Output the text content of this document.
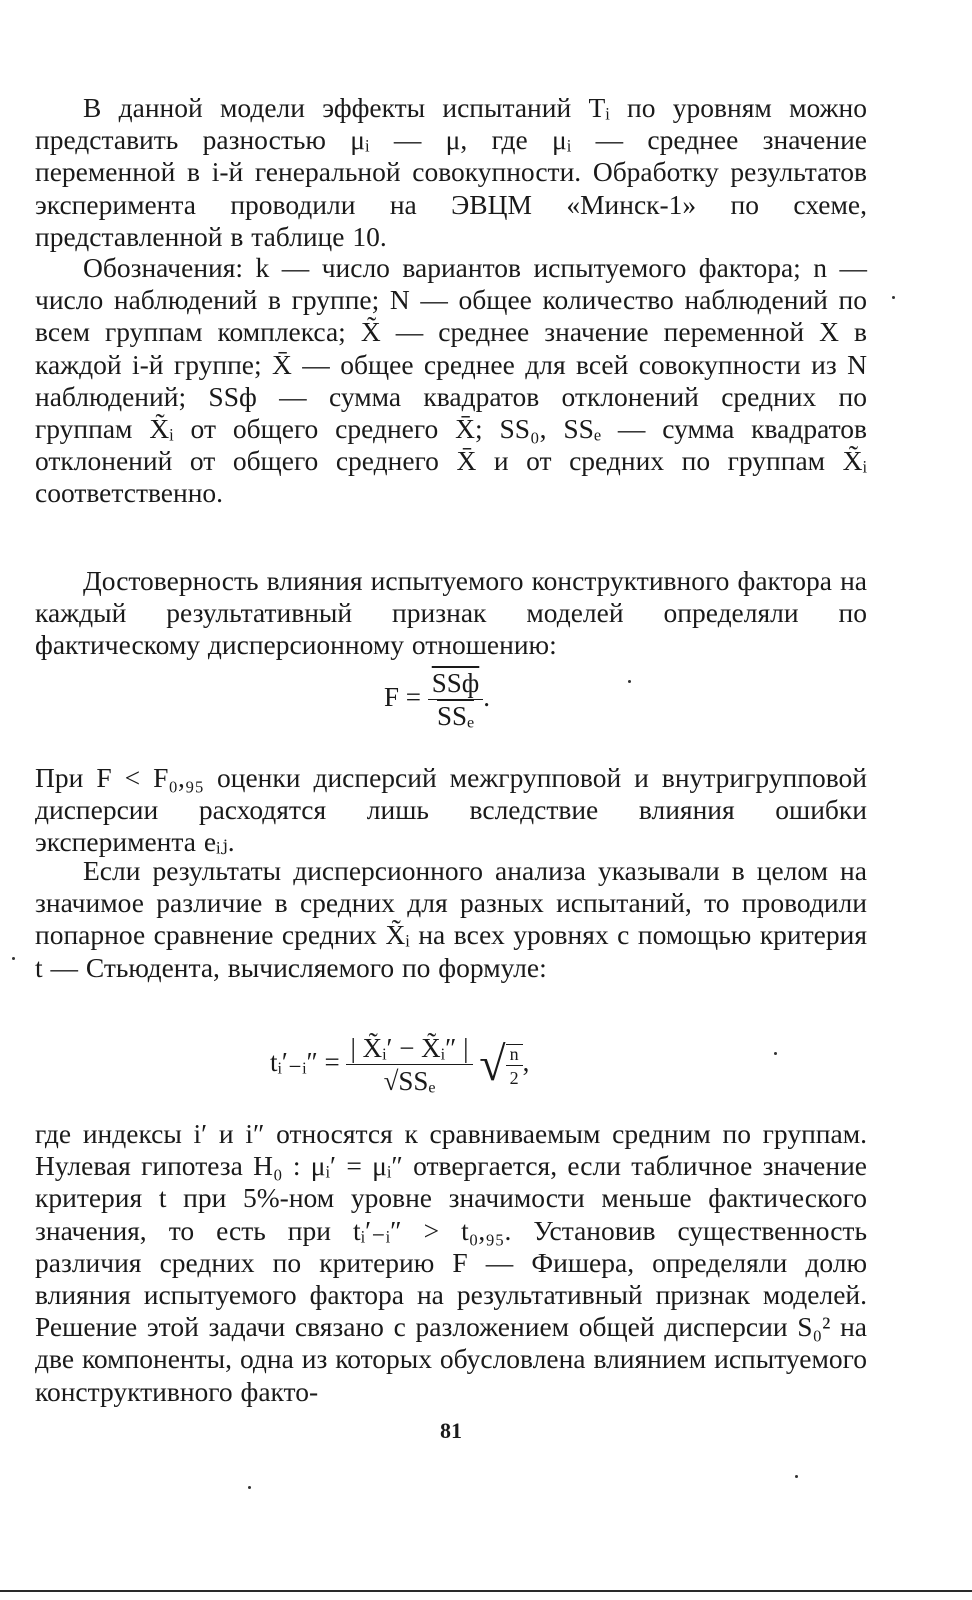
В данной модели эффекты испытаний Tᵢ по уровням можно представить разностью μᵢ — μ, где μᵢ — среднее значение переменной в i-й генеральной совокупности. Обработку результатов эксперимента проводили на ЭВЦМ «Минск-1» по схеме, представленной в таблице 10.

Обозначения: k — число вариантов испытуемого фактора; n — число наблюдений в группе; N — общее количество наблюдений по всем группам комплекса; X̃ — среднее значение переменной X в каждой i-й группе; X̄ — общее среднее для всей совокупности из N наблюдений; SSф — сумма квадратов отклонений средних по группам X̃ᵢ от общего среднего X̄; SS₀, SSₑ — сумма квадратов отклонений от общего среднего X̄ и от средних по группам X̃ᵢ соответственно.

Достоверность влияния испытуемого конструктивного фактора на каждый результативный признак моделей определяли по фактическому дисперсионному отношению:

$F = \frac{\text{SSф}}{\text{SSₑ}}$ .

При F < F₀,₉₅ оценки дисперсий межгрупповой и внутригрупповой дисперсии расходятся лишь вследствие влияния ошибки эксперимента eᵢⱼ.

Если результаты дисперсионного анализа указывали в целом на значимое различие в средних для разных испытаний, то проводили попарное сравнение средних X̃ᵢ на всех уровнях с помощью критерия t — Стьюдента, вычисляемого по формуле:

tᵢ′₋ᵢ″ = $\frac{\text{| X̃ᵢ′ − X̃ᵢ″ |}}{\text{√SSₑ}}$ √ $\frac{n}{2}$ ,

где индексы i′ и i″ относятся к сравниваемым средним по группам. Нулевая гипотеза H₀ : μᵢ′ = μᵢ″ отвергается, если табличное значение критерия t при 5%-ном уровне значимости меньше фактического значения, то есть при tᵢ′₋ᵢ″ > t₀,₉₅. Установив существенность различия средних по критерию F — Фишера, определяли долю влияния испытуемого фактора на результативный признак моделей. Решение этой задачи связано с разложением общей дисперсии S₀² на две компоненты, одна из которых обусловлена влиянием испытуемого конструктивного факто-

81
